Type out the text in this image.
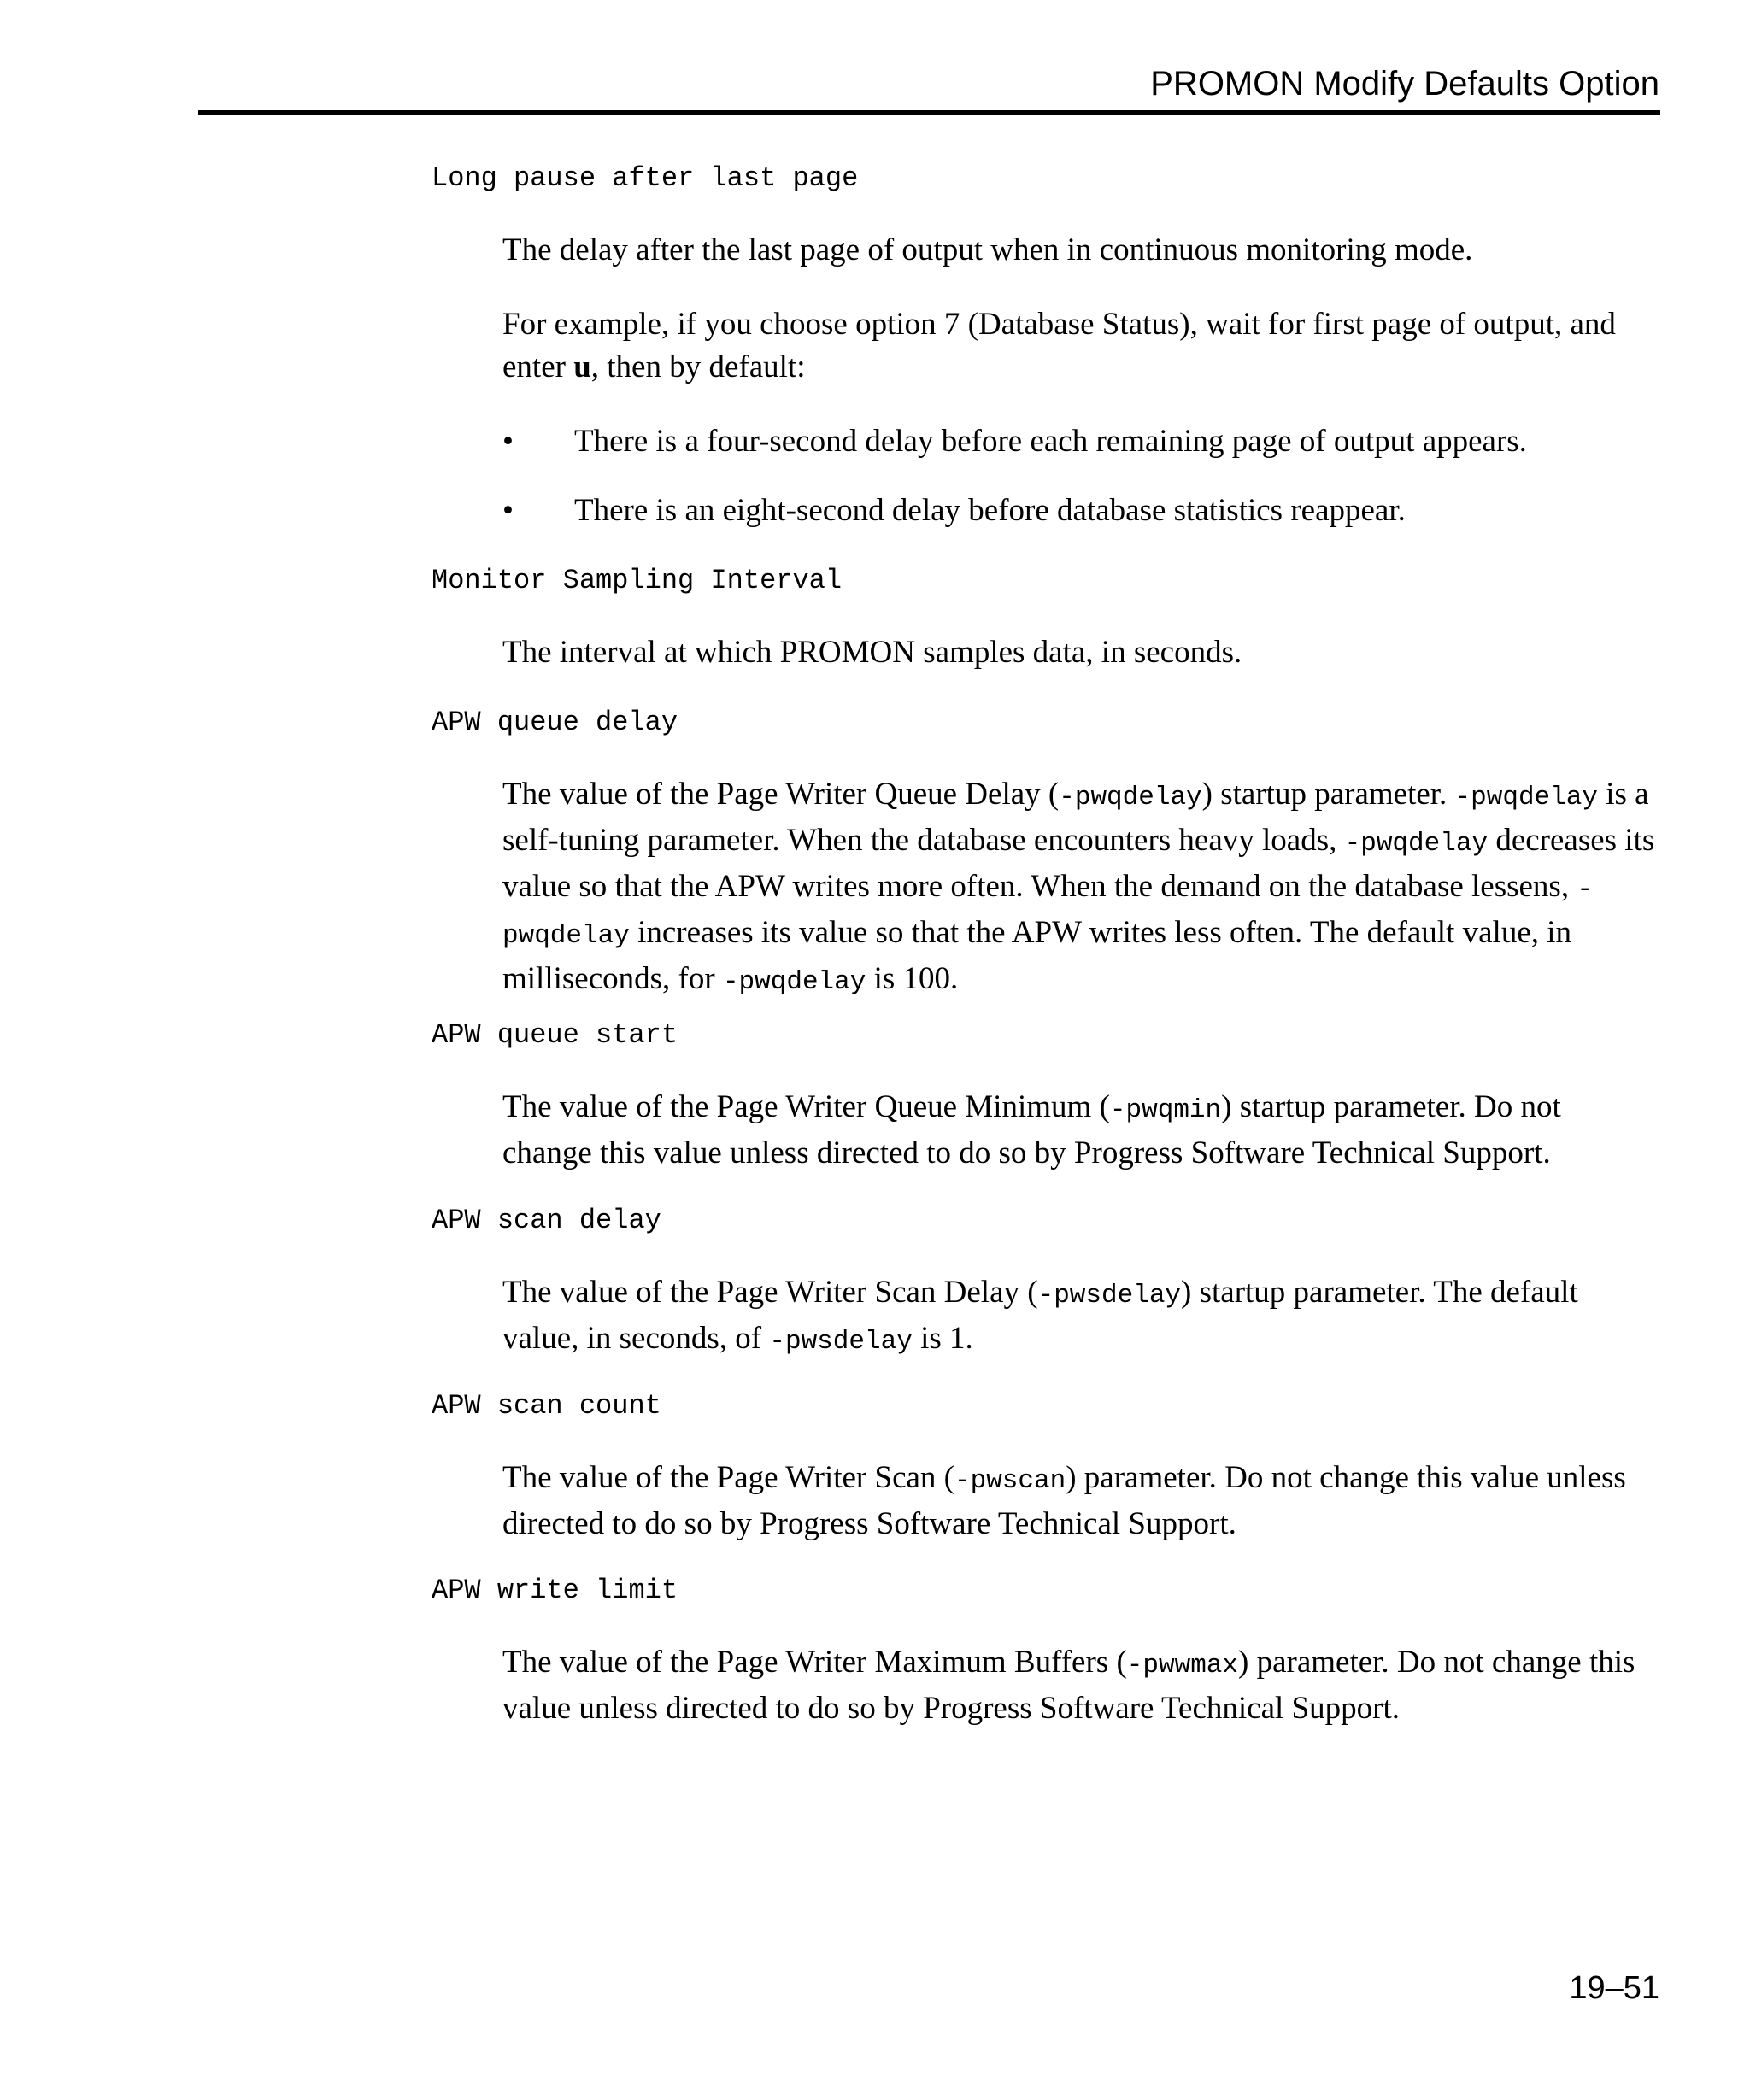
PROMON Modify Defaults Option
Long pause after last page
The delay after the last page of output when in continuous monitoring mode.
For example, if you choose option 7 (Database Status), wait for first page of output, and enter u, then by default:
• There is a four-second delay before each remaining page of output appears.
• There is an eight-second delay before database statistics reappear.
Monitor Sampling Interval
The interval at which PROMON samples data, in seconds.
APW queue delay
The value of the Page Writer Queue Delay (-pwqdelay) startup parameter. -pwqdelay is a self-tuning parameter. When the database encounters heavy loads, -pwqdelay decreases its value so that the APW writes more often. When the demand on the database lessens, -pwqdelay increases its value so that the APW writes less often. The default value, in milliseconds, for -pwqdelay is 100.
APW queue start
The value of the Page Writer Queue Minimum (-pwqmin) startup parameter. Do not change this value unless directed to do so by Progress Software Technical Support.
APW scan delay
The value of the Page Writer Scan Delay (-pwsdelay) startup parameter. The default value, in seconds, of -pwsdelay is 1.
APW scan count
The value of the Page Writer Scan (-pwscan) parameter. Do not change this value unless directed to do so by Progress Software Technical Support.
APW write limit
The value of the Page Writer Maximum Buffers (-pwwmax) parameter. Do not change this value unless directed to do so by Progress Software Technical Support.
19–51
